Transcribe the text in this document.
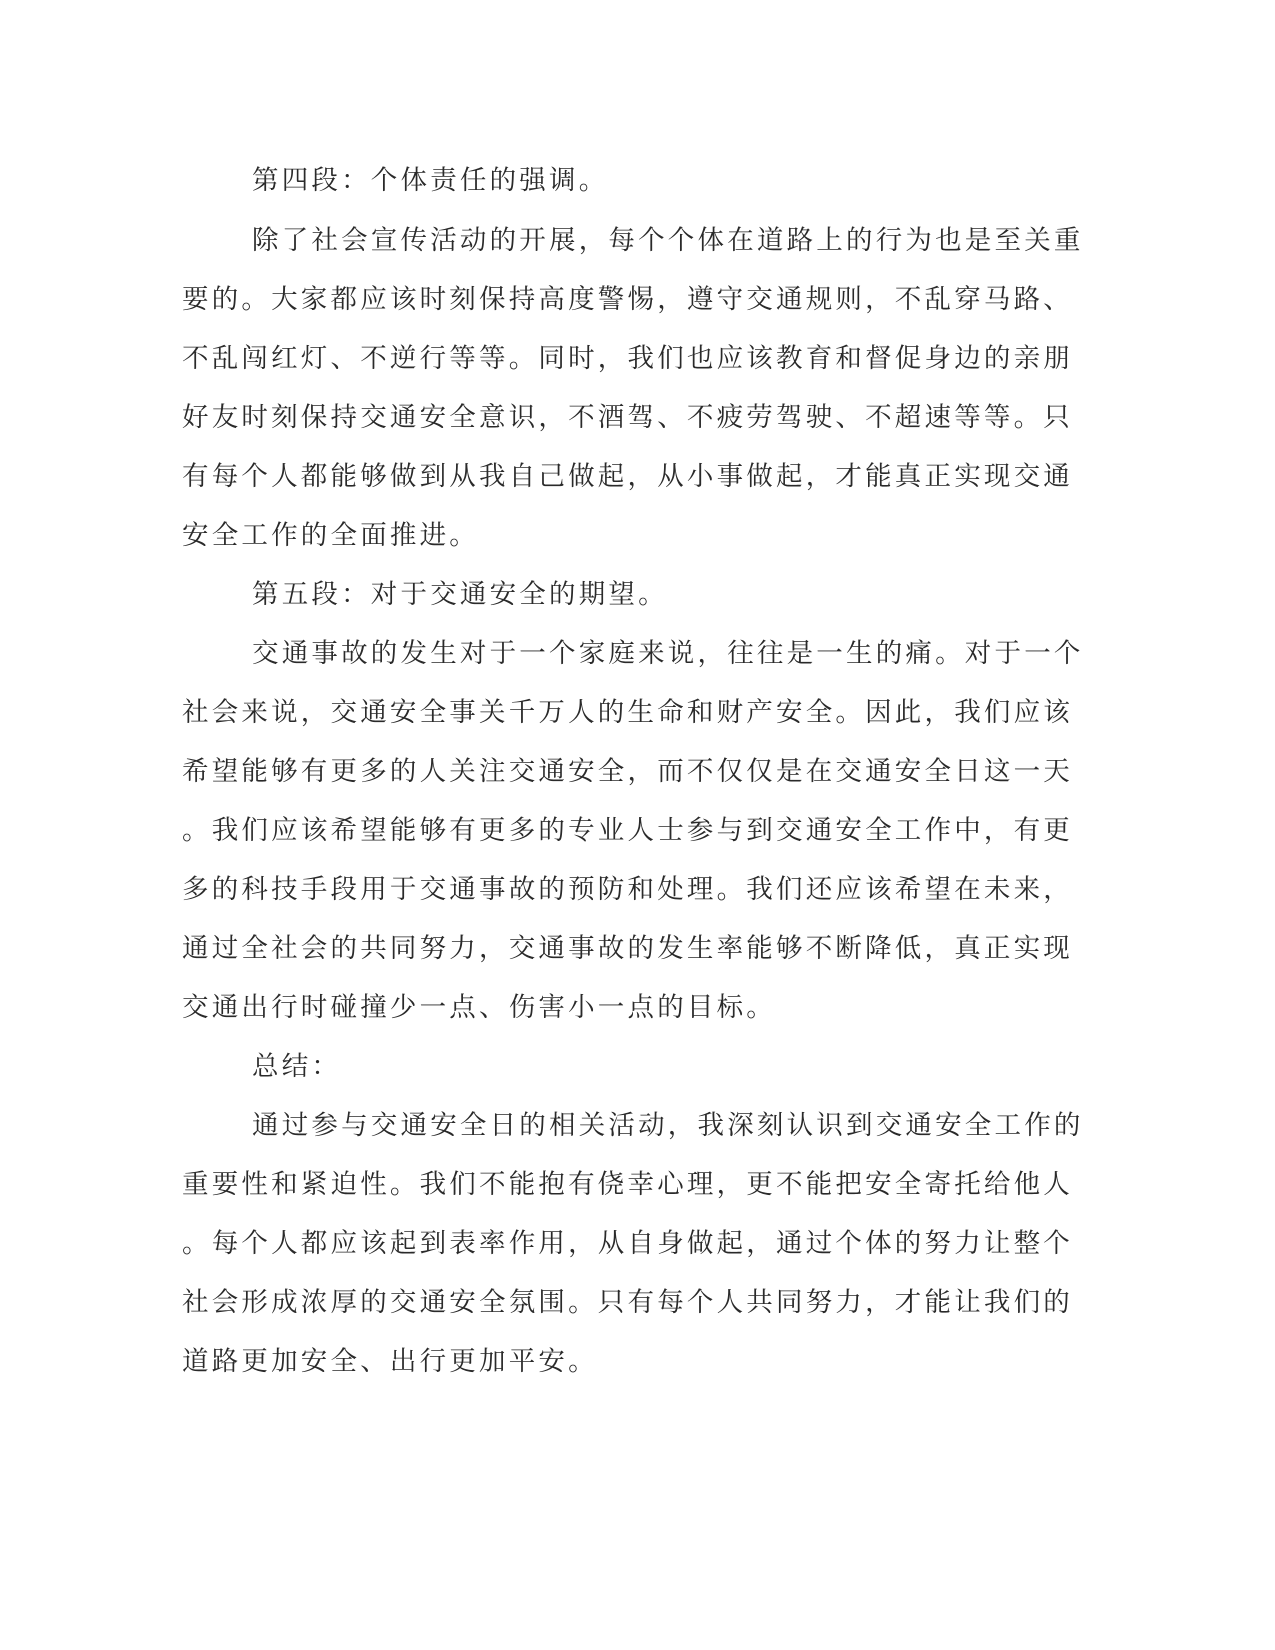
第四段：个体责任的强调。

除了社会宣传活动的开展，每个个体在道路上的行为也是至关重

要的。大家都应该时刻保持高度警惕，遵守交通规则，不乱穿马路、

不乱闯红灯、不逆行等等。同时，我们也应该教育和督促身边的亲朋

好友时刻保持交通安全意识，不酒驾、不疲劳驾驶、不超速等等。只

有每个人都能够做到从我自己做起，从小事做起，才能真正实现交通

安全工作的全面推进。

第五段：对于交通安全的期望。

交通事故的发生对于一个家庭来说，往往是一生的痛。对于一个

社会来说，交通安全事关千万人的生命和财产安全。因此，我们应该

希望能够有更多的人关注交通安全，而不仅仅是在交通安全日这一天

。我们应该希望能够有更多的专业人士参与到交通安全工作中，有更

多的科技手段用于交通事故的预防和处理。我们还应该希望在未来，

通过全社会的共同努力，交通事故的发生率能够不断降低，真正实现

交通出行时碰撞少一点、伤害小一点的目标。

总结：

通过参与交通安全日的相关活动，我深刻认识到交通安全工作的

重要性和紧迫性。我们不能抱有侥幸心理，更不能把安全寄托给他人

。每个人都应该起到表率作用，从自身做起，通过个体的努力让整个

社会形成浓厚的交通安全氛围。只有每个人共同努力，才能让我们的

道路更加安全、出行更加平安。
